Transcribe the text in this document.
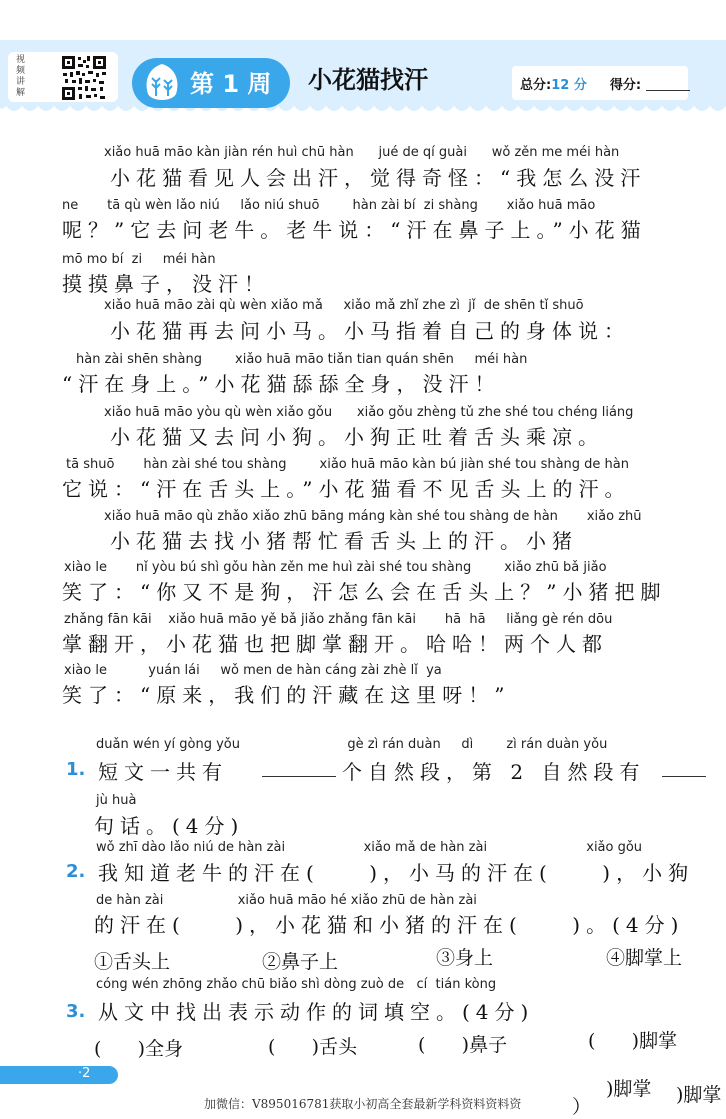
视频讲解	第 1 周 小花猫找汗	总分:12 分 得分:
xiǎo huā māo kàn jiàn rén huì chū hàn      jué de qí guài      wǒ zěn me méi hàn
小花猫看见人会出汗，觉得奇怪：“我怎么没汗
ne       tā qù wèn lǎo niú     lǎo niú shuō        hàn zài bí  zi shàng       xiǎo huā māo
呢？”它去问老牛。老牛说：“汗在鼻子上。”小花猫
mō mo bí  zi     méi hàn
摸摸鼻子，没汗！
xiǎo huā māo zài qù wèn xiǎo mǎ     xiǎo mǎ zhǐ zhe zì  jǐ  de shēn tǐ shuō
小花猫再去问小马。小马指着自己的身体说：
hàn zài shēn shàng        xiǎo huā māo tiǎn tian quán shēn     méi hàn
“汗在身上。”小花猫舔舔全身，没汗！
xiǎo huā māo yòu qù wèn xiǎo gǒu      xiǎo gǒu zhèng tǔ zhe shé tou chéng liáng
小花猫又去问小狗。小狗正吐着舌头乘凉。
tā shuō       hàn zài shé tou shàng        xiǎo huā māo kàn bú jiàn shé tou shàng de hàn
它说：“汗在舌头上。”小花猫看不见舌头上的汗。
xiǎo huā māo qù zhǎo xiǎo zhū bāng máng kàn shé tou shàng de hàn       xiǎo zhū
小花猫去找小猪帮忙看舌头上的汗。小猪
xiào le       nǐ yòu bú shì gǒu hàn zěn me huì zài shé tou shàng        xiǎo zhū bǎ jiǎo
笑了：“你又不是狗，汗怎么会在舌头上？”小猪把脚
zhǎng fān kāi    xiǎo huā māo yě bǎ jiǎo zhǎng fān kāi       hā  hā     liǎng gè rén dōu
掌翻开，小花猫也把脚掌翻开。哈哈！两个人都
xiào le          yuán lái     wǒ men de hàn cáng zài zhè lǐ  ya
笑了：“原来，我们的汗藏在这里呀！”
duǎn wén yí gòng yǒu                          gè zì rán duàn     dì        zì rán duàn yǒu
1. 短文一共有	个自然段，第 2 自然段有
jù huà
句话。(4分)
wǒ zhī dào lǎo niú de hàn zài                   xiǎo mǎ de hàn zài                        xiǎo gǒu
2. 我知道老牛的汗在(    )，小马的汗在(    )，小狗
de hàn zài                  xiǎo huā māo hé xiǎo zhū de hàn zài
的汗在(    )，小花猫和小猪的汗在(    )。(4分)
①舌头上	②鼻子上	③身上	④脚掌上
cóng wén zhōng zhǎo chū biǎo shì dòng zuò de   cí  tián kòng
3. 从文中找出表示动作的词填空。(4分)
(      )全身	(      )舌头	(      )鼻子	(      )脚掌
·2
）
)脚掌 )脚掌
加微信：V895016781获取小初高全套最新学科资料资料资
